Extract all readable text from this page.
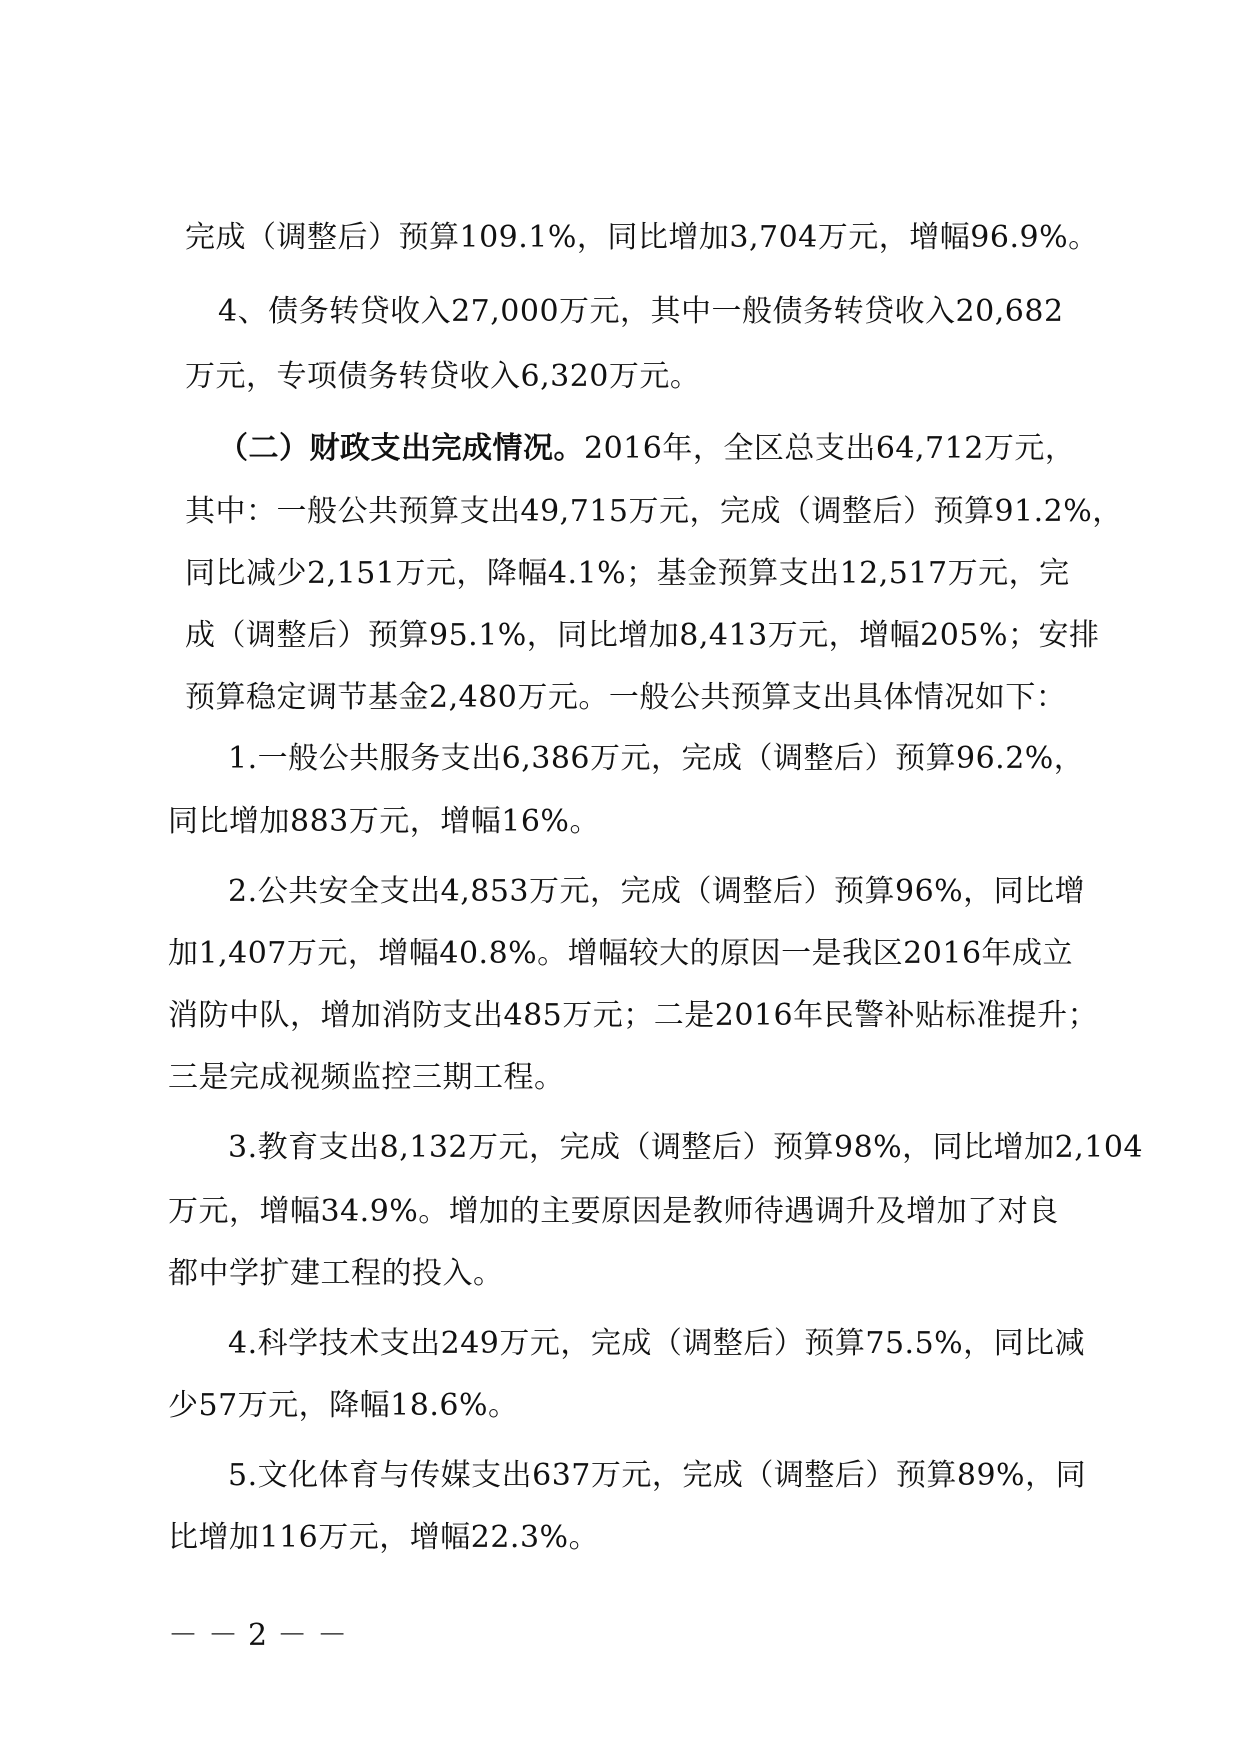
完成（调整后）预算109.1%，同比增加3,704万元，增幅96.9%。
4、债务转贷收入27,000万元，其中一般债务转贷收入20,682
万元，专项债务转贷收入6,320万元。
（二）财政支出完成情况。2016年，全区总支出64,712万元，
其中：一般公共预算支出49,715万元，完成（调整后）预算91.2%，
同比减少2,151万元，降幅4.1%；基金预算支出12,517万元，完
成（调整后）预算95.1%，同比增加8,413万元，增幅205%；安排
预算稳定调节基金2,480万元。一般公共预算支出具体情况如下：
1.一般公共服务支出6,386万元，完成（调整后）预算96.2%，
同比增加883万元，增幅16%。
2.公共安全支出4,853万元，完成（调整后）预算96%，同比增
加1,407万元，增幅40.8%。增幅较大的原因一是我区2016年成立
消防中队，增加消防支出485万元；二是2016年民警补贴标准提升；
三是完成视频监控三期工程。
3.教育支出8,132万元，完成（调整后）预算98%，同比增加2,104
万元，增幅34.9%。增加的主要原因是教师待遇调升及增加了对良
都中学扩建工程的投入。
4.科学技术支出249万元，完成（调整后）预算75.5%，同比减
少57万元，降幅18.6%。
5.文化体育与传媒支出637万元，完成（调整后）预算89%，同
比增加116万元，增幅22.3%。
－－2－－
